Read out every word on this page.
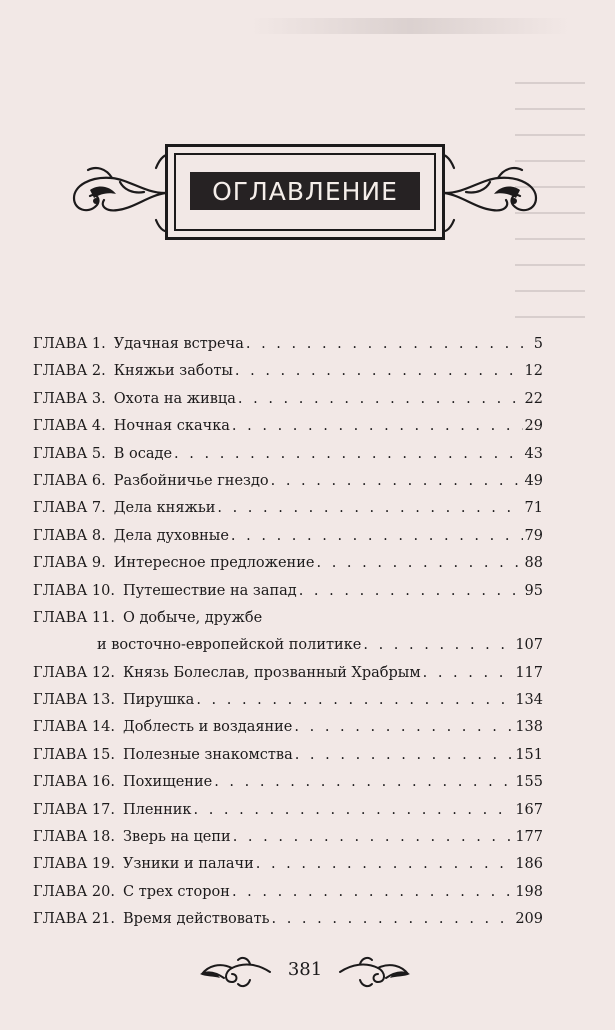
ОГЛАВЛЕНИЕ
ГЛАВА 1. Удачная встреча . . .	5
ГЛАВА 2. Княжьи заботы . . .	12
ГЛАВА 3. Охота на живца . . .	22
ГЛАВА 4. Ночная скачка . . .	29
ГЛАВА 5. В осаде . . .	43
ГЛАВА 6. Разбойничье гнездо . . .	49
ГЛАВА 7. Дела княжьи . . .	71
ГЛАВА 8. Дела духовные . . .	79
ГЛАВА 9. Интересное предложение . . .	88
ГЛАВА 10. Путешествие на запад . . .	95
ГЛАВА 11. О добыче, дружбе
и восточно-европейской политике . . .	107
ГЛАВА 12. Князь Болеслав, прозванный Храбрым . . .	117
ГЛАВА 13. Пирушка . . .	134
ГЛАВА 14. Доблесть и воздаяние . . .	138
ГЛАВА 15. Полезные знакомства . . .	151
ГЛАВА 16. Похищение . . .	155
ГЛАВА 17. Пленник . . .	167
ГЛАВА 18. Зверь на цепи . . .	177
ГЛАВА 19. Узники и палачи . . .	186
ГЛАВА 20. С трех сторон . . .	198
ГЛАВА 21. Время действовать . . .	209
381
